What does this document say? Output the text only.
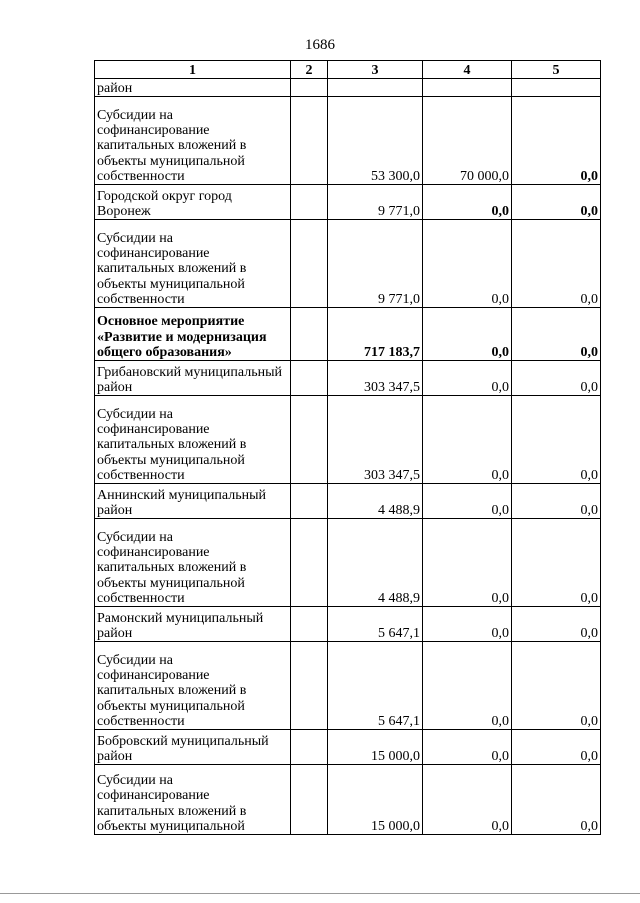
1686
1	2	3	4	5
район				
Субсидии на софинансирование капитальных вложений в объекты муниципальной собственности		53 300,0	70 000,0	0,0
Городской округ город Воронеж		9 771,0	0,0	0,0
Субсидии на софинансирование капитальных вложений в объекты муниципальной собственности		9 771,0	0,0	0,0
Основное мероприятие «Развитие и модернизация общего образования»		717 183,7	0,0	0,0
Грибановский муниципальный район		303 347,5	0,0	0,0
Субсидии на софинансирование капитальных вложений в объекты муниципальной собственности		303 347,5	0,0	0,0
Аннинский муниципальный район		4 488,9	0,0	0,0
Субсидии на софинансирование капитальных вложений в объекты муниципальной собственности		4 488,9	0,0	0,0
Рамонский муниципальный район		5 647,1	0,0	0,0
Субсидии на софинансирование капитальных вложений в объекты муниципальной собственности		5 647,1	0,0	0,0
Бобровский муниципальный район		15 000,0	0,0	0,0
Субсидии на софинансирование капитальных вложений в объекты муниципальной		15 000,0	0,0	0,0
